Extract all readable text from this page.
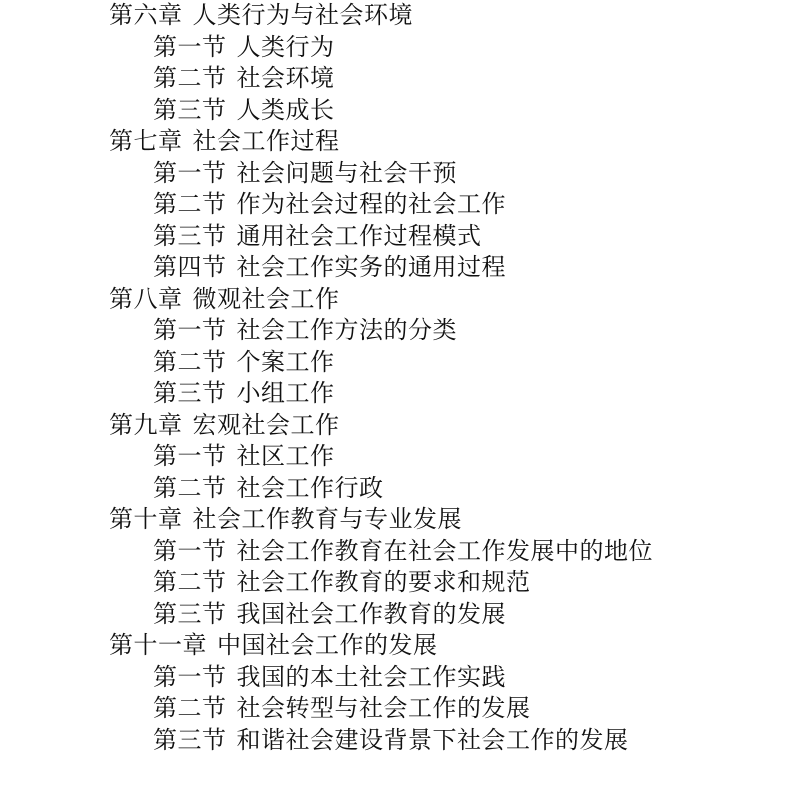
第六章 人类行为与社会环境
第一节 人类行为
第二节 社会环境
第三节 人类成长
第七章 社会工作过程
第一节 社会问题与社会干预
第二节 作为社会过程的社会工作
第三节 通用社会工作过程模式
第四节 社会工作实务的通用过程
第八章 微观社会工作
第一节 社会工作方法的分类
第二节 个案工作
第三节 小组工作
第九章 宏观社会工作
第一节 社区工作
第二节 社会工作行政
第十章 社会工作教育与专业发展
第一节 社会工作教育在社会工作发展中的地位
第二节 社会工作教育的要求和规范
第三节 我国社会工作教育的发展
第十一章 中国社会工作的发展
第一节 我国的本土社会工作实践
第二节 社会转型与社会工作的发展
第三节 和谐社会建设背景下社会工作的发展
